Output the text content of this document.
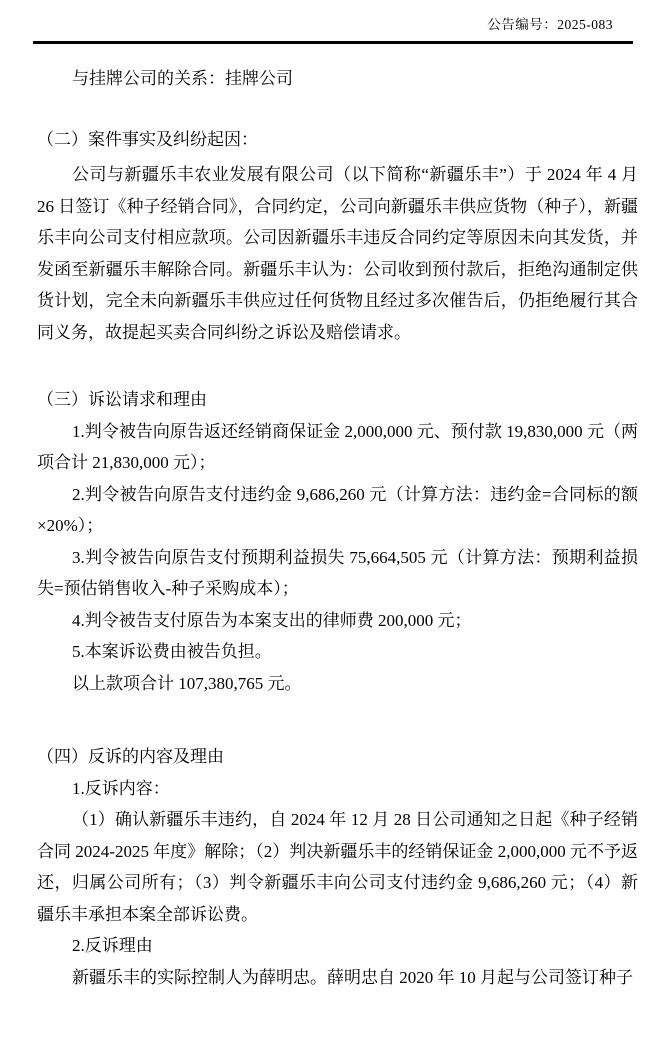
公告编号：2025-083

与挂牌公司的关系：挂牌公司

（二）案件事实及纠纷起因：

公司与新疆乐丰农业发展有限公司（以下简称“新疆乐丰”）于 2024 年 4 月 26 日签订《种子经销合同》，合同约定，公司向新疆乐丰供应货物（种子），新疆乐丰向公司支付相应款项。公司因新疆乐丰违反合同约定等原因未向其发货，并发函至新疆乐丰解除合同。新疆乐丰认为：公司收到预付款后，拒绝沟通制定供货计划，完全未向新疆乐丰供应过任何货物且经过多次催告后，仍拒绝履行其合同义务，故提起买卖合同纠纷之诉讼及赔偿请求。

（三）诉讼请求和理由

1.判令被告向原告返还经销商保证金 2,000,000 元、预付款 19,830,000 元（两项合计 21,830,000 元）；

2.判令被告向原告支付违约金 9,686,260 元（计算方法：违约金=合同标的额×20%）；

3.判令被告向原告支付预期利益损失 75,664,505 元（计算方法：预期利益损失=预估销售收入-种子采购成本）；

4.判令被告支付原告为本案支出的律师费 200,000 元；

5.本案诉讼费由被告负担。

以上款项合计 107,380,765 元。

（四）反诉的内容及理由

1.反诉内容：

（1）确认新疆乐丰违约，自 2024 年 12 月 28 日公司通知之日起《种子经销合同 2024-2025 年度》解除；（2）判决新疆乐丰的经销保证金 2,000,000 元不予返还，归属公司所有；（3）判令新疆乐丰向公司支付违约金 9,686,260 元；（4）新疆乐丰承担本案全部诉讼费。

2.反诉理由

新疆乐丰的实际控制人为薛明忠。薛明忠自 2020 年 10 月起与公司签订种子
